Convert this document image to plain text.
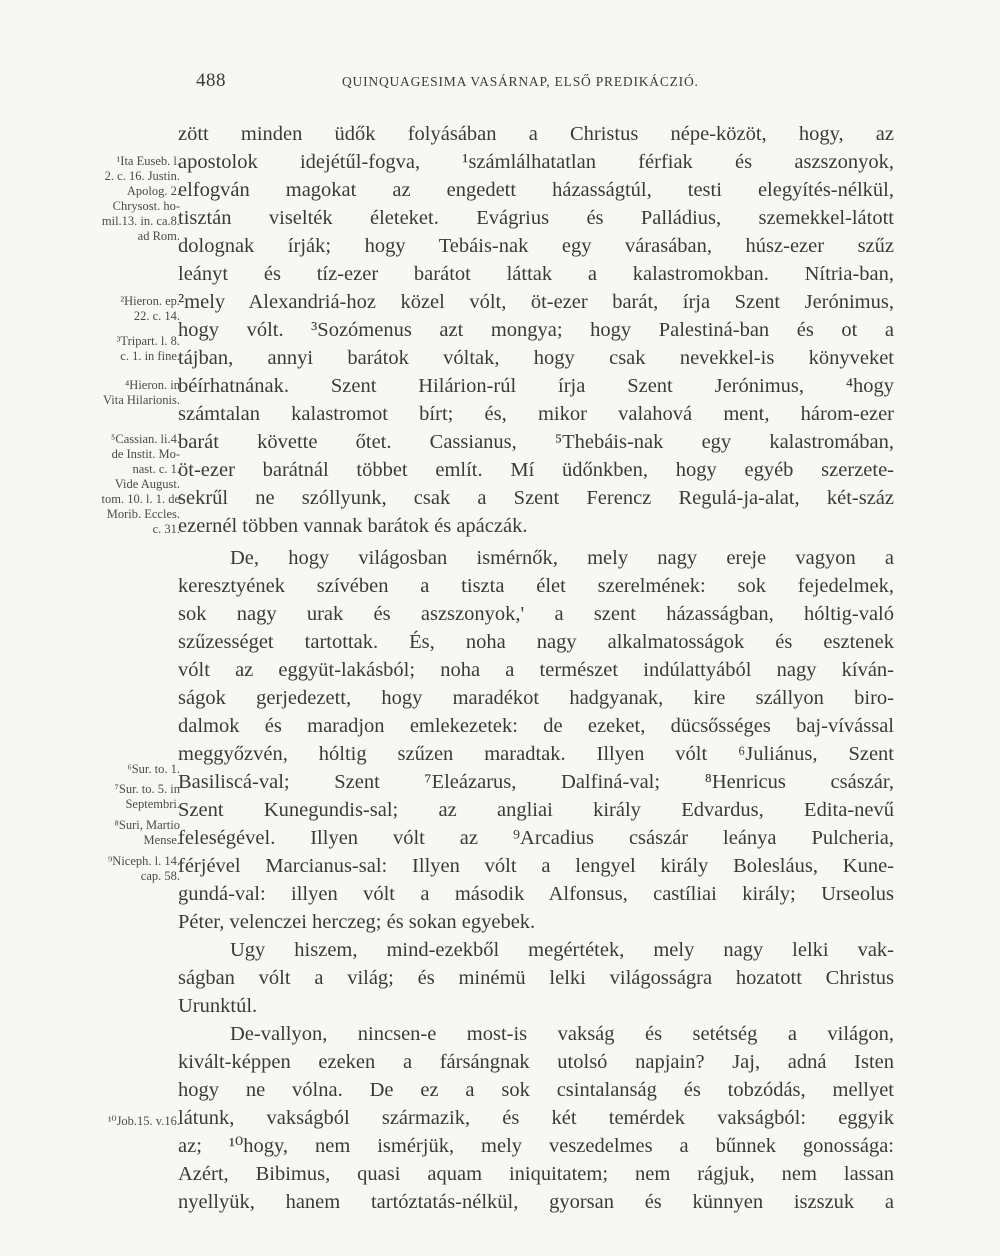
488	QUINQUAGESIMA VASÁRNAP, ELSŐ PREDIKÁCZIÓ.
zött minden üdők folyásában a Christus népe-közöt, hogy, az
apostolok idejétűl-fogva, ¹számlálhatatlan férfiak és aszszonyok,
elfogván magokat az engedett házasságtúl, testi elegyítés-nélkül,
tisztán viselték életeket. Evágrius és Palládius, szemekkel-látott
dolognak írják; hogy Tebáis-nak egy várasában, húsz-ezer szűz
leányt és tíz-ezer barátot láttak a kalastromokban. Nítria-ban,
²mely Alexandriá-hoz közel vólt, öt-ezer barát, írja Szent Jerónimus,
hogy vólt. ³Sozómenus azt mongya; hogy Palestiná-ban és ot a
tájban, annyi barátok vóltak, hogy csak nevekkel-is könyveket
béírhatnának. Szent Hilárion-rúl írja Szent Jerónimus, ⁴hogy
számtalan kalastromot bírt; és, mikor valahová ment, három-ezer
barát követte őtet. Cassianus, ⁵Thebáis-nak egy kalastromában,
öt-ezer barátnál többet említ. Mí üdőnkben, hogy egyéb szerzete-
sekrűl ne szóllyunk, csak a Szent Ferencz Regulá-ja-alat, két-száz
ezernél többen vannak barátok és apáczák.
De, hogy világosban ismérnők, mely nagy ereje vagyon a
keresztyének szívében a tiszta élet szerelmének: sok fejedelmek,
sok nagy urak és aszszonyok,' a szent házasságban, hóltig-való
szűzességet tartottak. És, noha nagy alkalmatosságok és esztenek
vólt az eggyüt-lakásból; noha a természet indúlattyából nagy kíván-
ságok gerjedezett, hogy maradékot hadgyanak, kire szállyon biro-
dalmok és maradjon emlekezetek: de ezeket, dücsősséges baj-vívással
meggyőzvén, hóltig szűzen maradtak. Illyen vólt ⁶Juliánus, Szent
Basiliscá-val; Szent ⁷Eleázarus, Dalfiná-val; ⁸Henricus császár,
Szent Kunegundis-sal; az angliai király Edvardus, Edita-nevű
feleségével. Illyen vólt az ⁹Arcadius császár leánya Pulcheria,
férjével Marcianus-sal: Illyen vólt a lengyel király Bolesláus, Kune-
gundá-val: illyen vólt a második Alfonsus, castíliai király; Urseolus
Péter, velenczei herczeg; és sokan egyebek.
Ugy hiszem, mind-ezekből megértétek, mely nagy lelki vak-
ságban vólt a világ; és minémü lelki világosságra hozatott Christus
Urunktúl.
De-vallyon, nincsen-e most-is vakság és setétség a világon,
kivált-képpen ezeken a fársángnak utolsó napjain? Jaj, adná Isten
hogy ne vólna. De ez a sok csintalanság és tobzódás, mellyet
látunk, vakságból származik, és két temérdek vakságból: eggyik
az; ¹⁰hogy, nem ismérjük, mely veszedelmes a bűnnek gonossága:
Azért, Bibimus, quasi aquam iniquitatem; nem rágjuk, nem lassan
nyellyük, hanem tartóztatás-nélkül, gyorsan és künnyen iszszuk a
¹Ita Euseb. l.
2. c. 16. Justin.
Apolog. 2.
Chrysost. ho-
mil.13. in. ca.8.
ad Rom.
²Hieron. ep.
22. c. 14.
³Tripart. l. 8.
c. 1. in fine.
⁴Hieron. in
Vita Hilarionis.
⁵Cassian. li.4.
de Instit. Mo-
nast. c. 1.
Vide August.
tom. 10. l. 1. de
Morib. Eccles.
c. 31.
⁶Sur. to. 1.
⁷Sur. to. 5. in
Septembri.
⁸Suri, Martio
Mense.
⁹Niceph. l. 14.
cap. 58.
¹⁰Job.15. v.16.
